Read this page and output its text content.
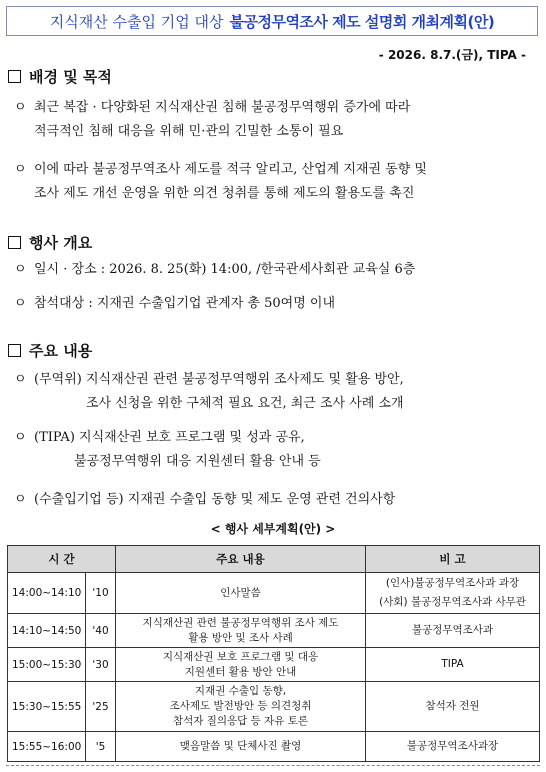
지식재산 수출입 기업 대상 불공정무역조사 제도 설명회 개최계획(안)
- 2026. 8.7.(금), TIPA -
배경 및 목적
ㅇ 최근 복잡 · 다양화된 지식재산권 침해 불공정무역행위 증가에 따라
적극적인 침해 대응을 위해 민·관의 긴밀한 소통이 필요
ㅇ 이에 따라 불공정무역조사 제도를 적극 알리고, 산업계 지재권 동향 및
조사 제도 개선 운영을 위한 의견 청취를 통해 제도의 활용도를 촉진
행사 개요
ㅇ 일시 · 장소 : 2026. 8. 25(화) 14:00, /한국관세사회관 교육실 6층
ㅇ 참석대상 : 지재권 수출입기업 관계자 총 50여명 이내
주요 내용
ㅇ (무역위) 지식재산권 관련 불공정무역행위 조사제도 및 활용 방안,
조사 신청을 위한 구체적 필요 요건, 최근 조사 사례 소개
ㅇ (TIPA) 지식재산권 보호 프로그램 및 성과 공유,
불공정무역행위 대응 지원센터 활용 안내 등
ㅇ (수출입기업 등) 지재권 수출입 동향 및 제도 운영 관련 건의사항
< 행사 세부계획(안) >
시 간		주요 내용	비 고
14:00~14:10	'10	인사말씀	(인사)불공정무역조사과 과장
(사회) 불공정무역조사과 사무관

14:10~14:50	'40	지식재산권 관련 불공정무역행위 조사 제도
활용 방안 및 조사 사례	불공정무역조사과

15:00~15:30	'30	지식재산권 보호 프로그램 및 대응
지원센터 활용 방안 안내	TIPA

15:30~15:55	'25	지재권 수출입 동향,
조사제도 발전방안 등 의견청취
참석자 질의응답 등 자유 토론	참석자 전원

15:55~16:00	'5	맺음말씀 및 단체사진 촬영	불공정무역조사과장
